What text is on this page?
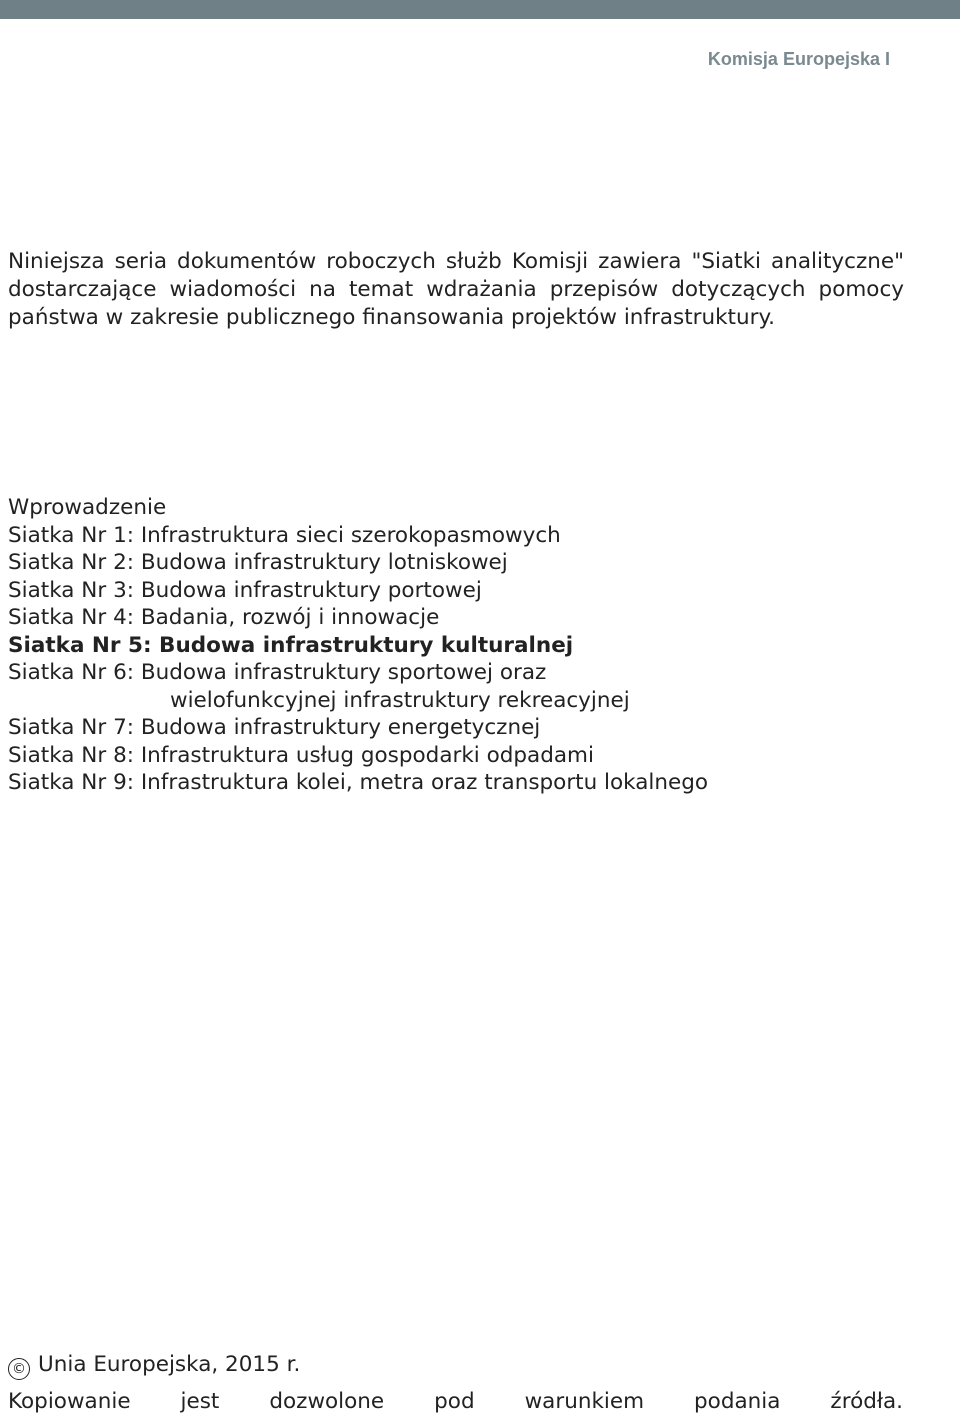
Komisja Europejska I

Niniejsza seria dokumentów roboczych służb Komisji zawiera "Siatki analityczne" dostarczające wiadomości na temat wdrażania przepisów dotyczących pomocy państwa w zakresie publicznego finansowania projektów infrastruktury.

Wprowadzenie
Siatka Nr 1: Infrastruktura sieci szerokopasmowych
Siatka Nr 2: Budowa infrastruktury lotniskowej
Siatka Nr 3: Budowa infrastruktury portowej
Siatka Nr 4: Badania, rozwój i innowacje
Siatka Nr 5: Budowa infrastruktury kulturalnej
Siatka Nr 6: Budowa infrastruktury sportowej oraz
wielofunkcyjnej infrastruktury rekreacyjnej
Siatka Nr 7: Budowa infrastruktury energetycznej
Siatka Nr 8: Infrastruktura usług gospodarki odpadami
Siatka Nr 9: Infrastruktura kolei, metra oraz transportu lokalnego
© Unia Europejska, 2015 r.
Kopiowanie jest dozwolone pod warunkiem podania źródła.
